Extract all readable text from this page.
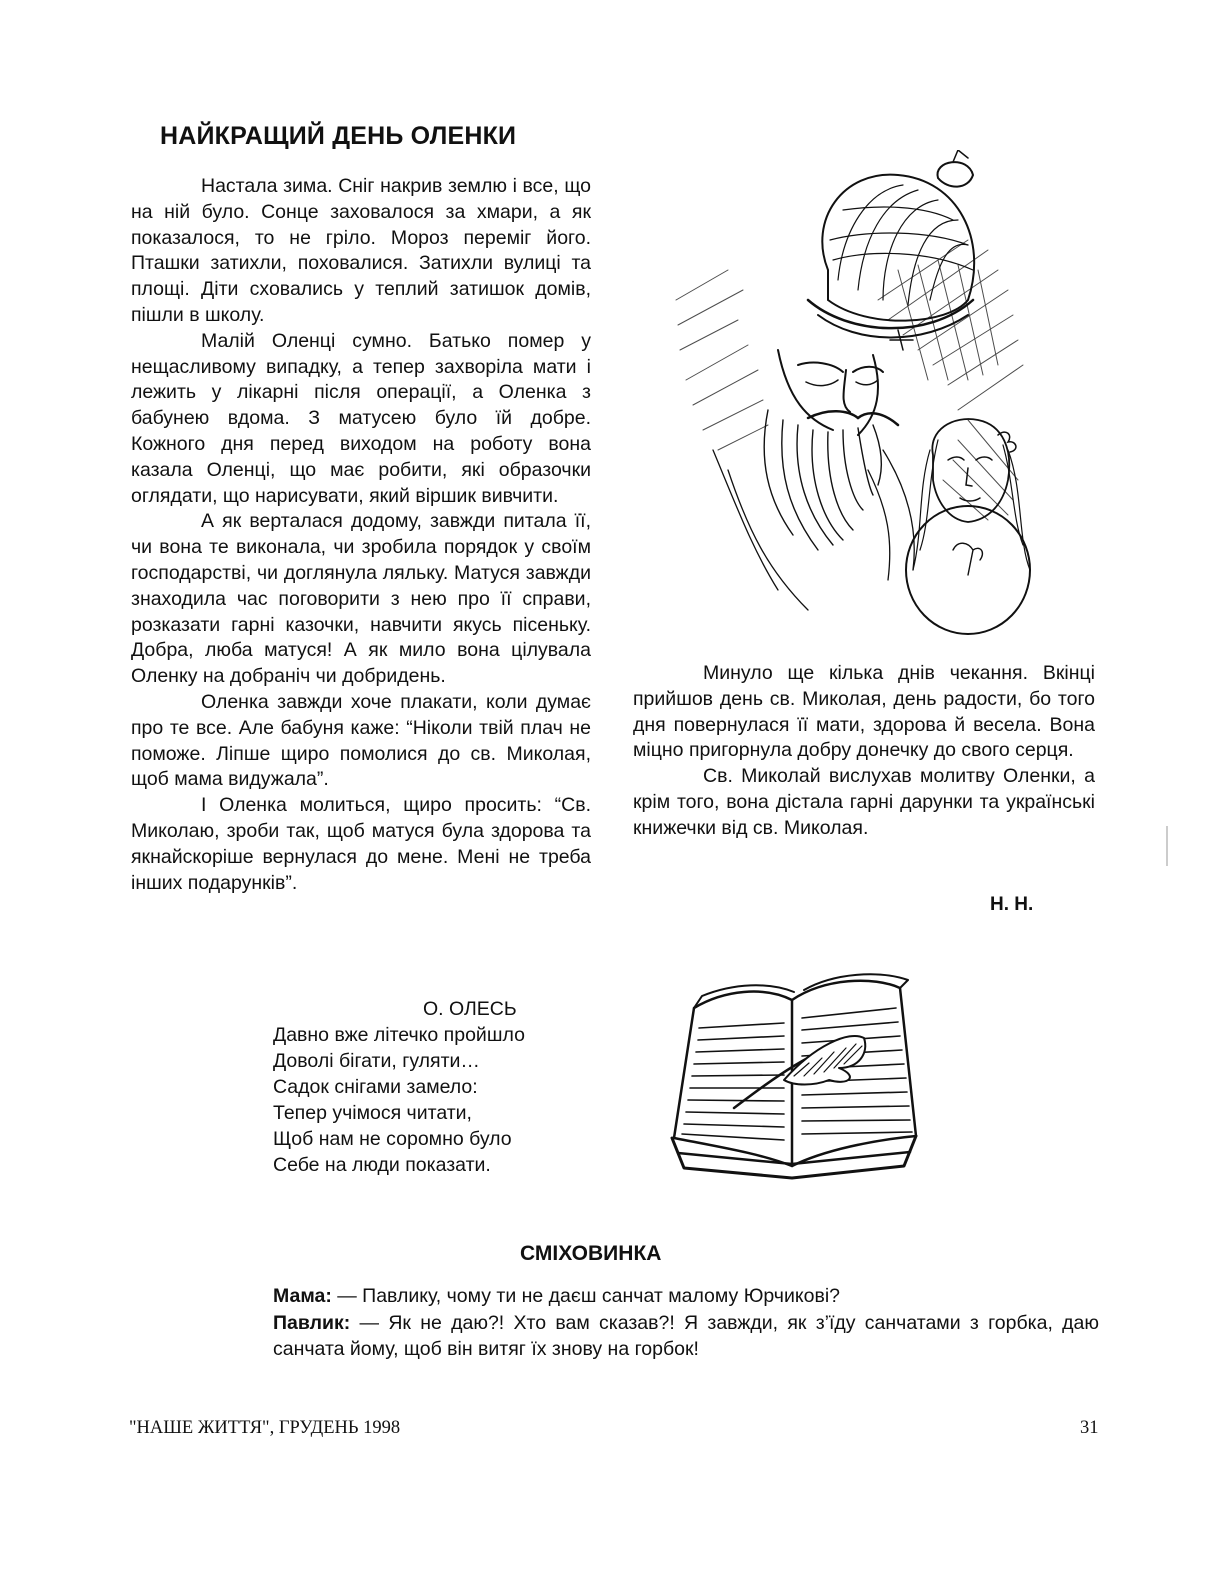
НАЙКРАЩИЙ ДЕНЬ ОЛЕНКИ

Настала зима. Сніг накрив землю і все, що на ній було. Сонце заховалося за хмари, а як показалося, то не гріло. Мороз переміг його. Пташки затихли, поховалися. Затихли вулиці та площі. Діти сховались у теплий затишок домів, пішли в школу.

Малій Оленці сумно. Батько помер у нещасливому випадку, а тепер захворіла мати і лежить у лікарні після операції, а Оленка з бабунею вдома. З матусею було їй добре. Кожного дня перед виходом на роботу вона казала Оленці, що має робити, які образочки оглядати, що нарисувати, який віршик вивчити.

А як верталася додому, завжди питала її, чи вона те виконала, чи зробила порядок у своїм господарстві, чи доглянула ляльку. Матуся завжди знаходила час поговорити з нею про її справи, розказати гарні казочки, навчити якусь пісеньку. Добра, люба матуся! А як мило вона цілувала Оленку на добраніч чи добридень.

Оленка завжди хоче плакати, коли думає про те все. Але бабуня каже: “Ніколи твій плач не поможе. Ліпше щиро помолися до св. Миколая, щоб мама видужала”.

І Оленка молиться, щиро просить: “Св. Миколаю, зроби так, щоб матуся була здорова та якнайскоріше вернулася до мене. Мені не треба інших подарунків”.

Минуло ще кілька днів чекання. Вкінці прийшов день св. Миколая, день радости, бо того дня повернулася її мати, здорова й весела. Вона міцно пригорнула добру донечку до свого серця.

Св. Миколай вислухав молитву Оленки, а крім того, вона дістала гарні дарунки та українські книжечки від св. Миколая.

Н. Н.
О. ОЛЕСЬ
Давно вже літечко пройшло
Доволі бігати, гуляти…
Садок снігами замело:
Тепер учімося читати,
Щоб нам не соромно було
Себе на люди показати.
СМІХОВИНКА

Мама: — Павлику, чому ти не даєш санчат малому Юрчикові?

Павлик: — Як не даю?! Хто вам сказав?! Я завжди, як з’їду санчатами з горбка, даю санчата йому, щоб він витяг їх знову на горбок!

"НАШЕ ЖИТТЯ", ГРУДЕНЬ 1998	31
